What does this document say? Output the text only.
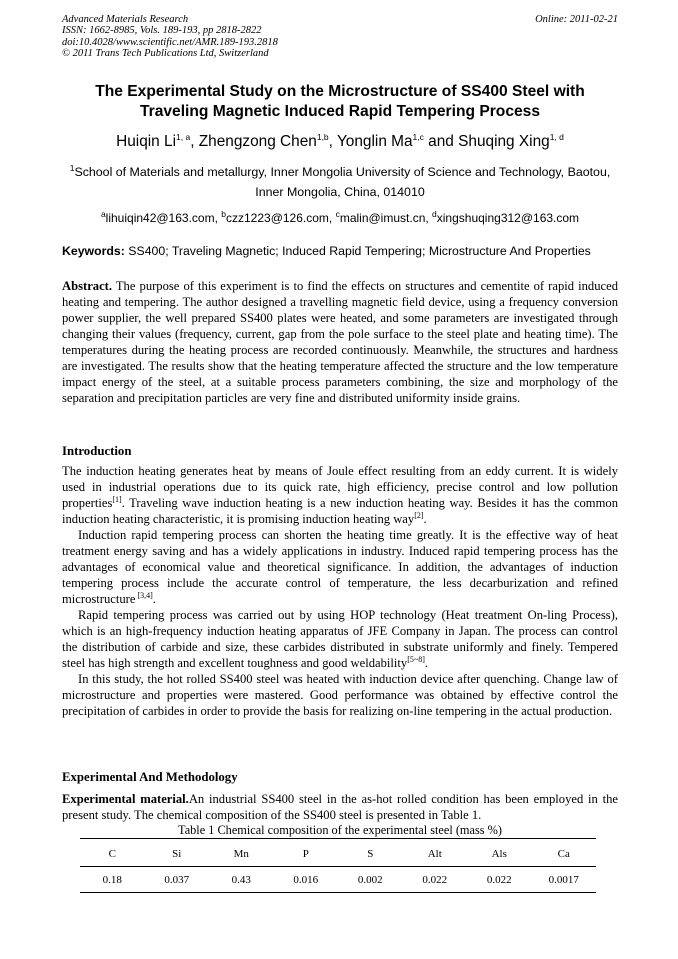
Advanced Materials Research
ISSN: 1662-8985, Vols. 189-193, pp 2818-2822
doi:10.4028/www.scientific.net/AMR.189-193.2818
© 2011 Trans Tech Publications Ltd, Switzerland
Online: 2011-02-21
The Experimental Study on the Microstructure of SS400 Steel with
Traveling Magnetic Induced Rapid Tempering Process
Huiqin Li$^{1, a}$, Zhengzong Chen$^{1,b}$, Yonglin Ma$^{1,c}$ and Shuqing Xing$^{1, d}$
$^1$School of Materials and metallurgy, Inner Mongolia University of Science and Technology, Baotou,
Inner Mongolia, China, 014010
$^a$lihuiqin42@163.com, $^b$czz1223@126.com, $^c$malin@imust.cn, $^d$xingshuqing312@163.com
Keywords: SS400; Traveling Magnetic; Induced Rapid Tempering; Microstructure And Properties
Abstract. The purpose of this experiment is to find the effects on structures and cementite of rapid induced heating and tempering. The author designed a travelling magnetic field device, using a frequency conversion power supplier, the well prepared SS400 plates were heated, and some parameters are investigated through changing their values (frequency, current, gap from the pole surface to the steel plate and heating time). The temperatures during the heating process are recorded continuously. Meanwhile, the structures and hardness are investigated. The results show that the heating temperature affected the structure and the low temperature impact energy of the steel, at a suitable process parameters combining, the size and morphology of the separation and precipitation particles are very fine and distributed uniformity inside grains.
Introduction

The induction heating generates heat by means of Joule effect resulting from an eddy current. It is widely used in industrial operations due to its quick rate, high efficiency, precise control and low pollution properties[1]. Traveling wave induction heating is a new induction heating way. Besides it has the common induction heating characteristic, it is promising induction heating way[2].

Induction rapid tempering process can shorten the heating time greatly. It is the effective way of heat treatment energy saving and has a widely applications in industry. Induced rapid tempering process has the advantages of economical value and theoretical significance. In addition, the advantages of induction tempering process include the accurate control of temperature, the less decarburization and refined microstructure [3,4].

Rapid tempering process was carried out by using HOP technology (Heat treatment On-ling Process), which is an high-frequency induction heating apparatus of JFE Company in Japan. The process can control the distribution of carbide and size, these carbides distributed in substrate uniformly and finely. Tempered steel has high strength and excellent toughness and good weldability[5~8].

In this study, the hot rolled SS400 steel was heated with induction device after quenching. Change law of microstructure and properties were mastered. Good performance was obtained by effective control the precipitation of carbides in order to provide the basis for realizing on-line tempering in the actual production.

Experimental And Methodology

Experimental material.An industrial SS400 steel in the as-hot rolled condition has been employed in the present study. The chemical composition of the SS400 steel is presented in Table 1.

Table 1 Chemical composition of the experimental steel (mass %)
C	Si	Mn	P	S	Alt	Als	Ca
0.18	0.037	0.43	0.016	0.002	0.022	0.022	0.0017
